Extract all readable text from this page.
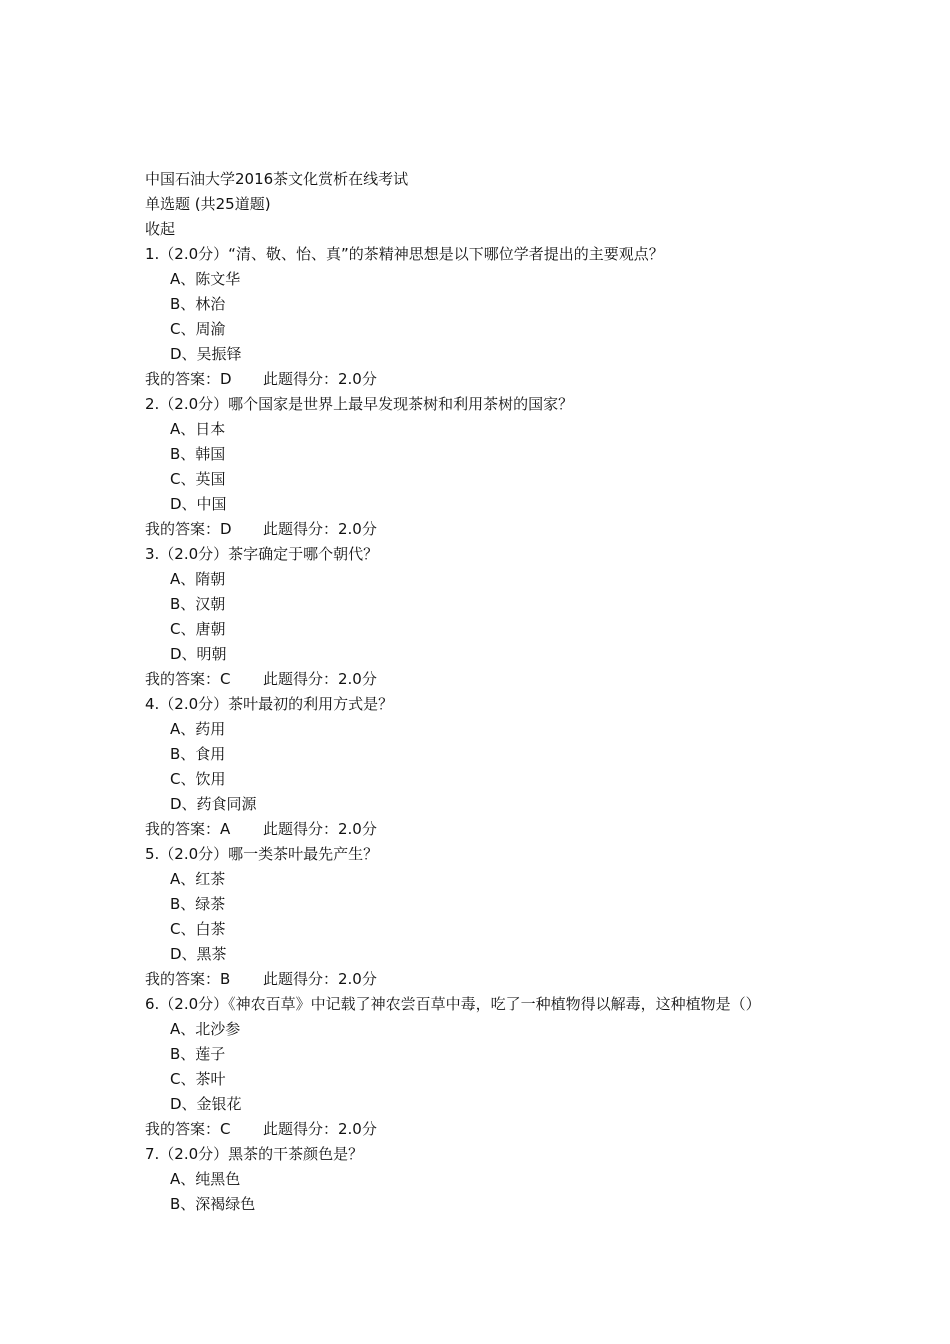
中国石油大学2016茶文化赏析在线考试
单选题 (共25道题)
收起
1.（2.0分）“清、敬、怡、真”的茶精神思想是以下哪位学者提出的主要观点？
A、陈文华
B、林治
C、周渝
D、吴振铎
我的答案：D 此题得分：2.0分
2.（2.0分）哪个国家是世界上最早发现茶树和利用茶树的国家？
A、日本
B、韩国
C、英国
D、中国
我的答案：D 此题得分：2.0分
3.（2.0分）茶字确定于哪个朝代？
A、隋朝
B、汉朝
C、唐朝
D、明朝
我的答案：C 此题得分：2.0分
4.（2.0分）茶叶最初的利用方式是？
A、药用
B、食用
C、饮用
D、药食同源
我的答案：A 此题得分：2.0分
5.（2.0分）哪一类茶叶最先产生？
A、红茶
B、绿茶
C、白茶
D、黑茶
我的答案：B 此题得分：2.0分
6.（2.0分）《神农百草》中记载了神农尝百草中毒，吃了一种植物得以解毒，这种植物是（）
A、北沙参
B、莲子
C、茶叶
D、金银花
我的答案：C 此题得分：2.0分
7.（2.0分）黑茶的干茶颜色是？
A、纯黑色
B、深褐绿色
